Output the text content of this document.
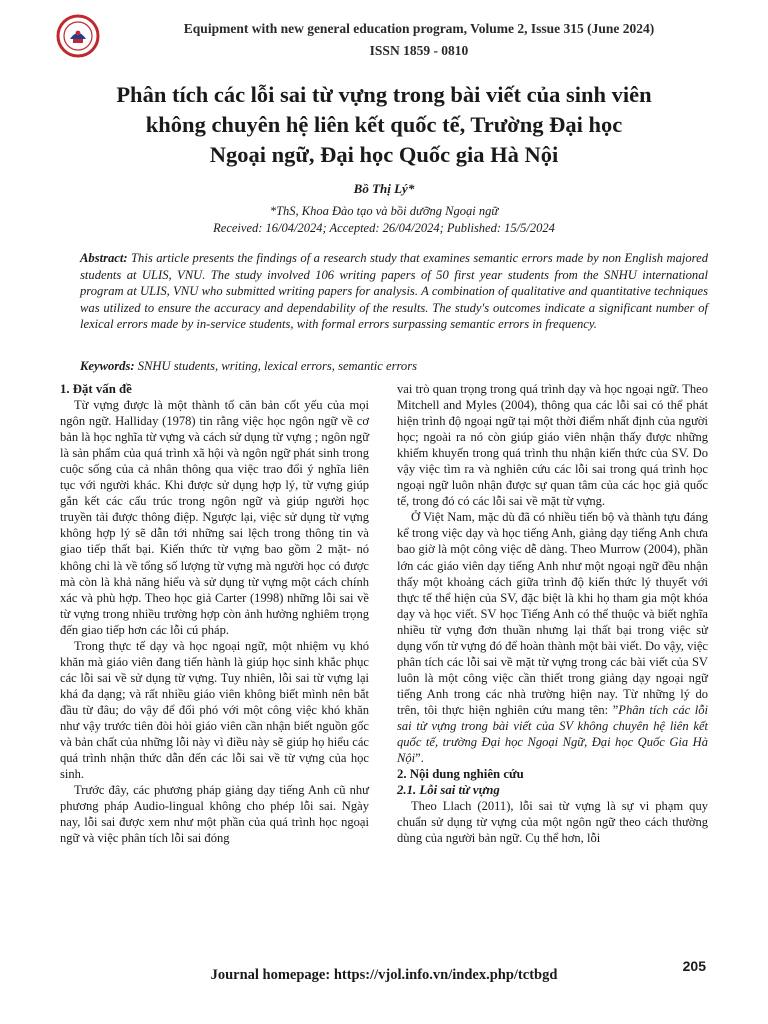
Equipment with new general education program, Volume 2, Issue 315 (June 2024)
ISSN 1859 - 0810
Phân tích các lỗi sai từ vựng trong bài viết của sinh viên
không chuyên hệ liên kết quốc tế, Trường Đại học
Ngoại ngữ, Đại học Quốc gia Hà Nội
Bồ Thị Lý*
*ThS, Khoa Đào tạo và bồi dưỡng Ngoại ngữ
Received: 16/04/2024; Accepted: 26/04/2024; Published: 15/5/2024
Abstract: This article presents the findings of a research study that examines semantic errors made by non English majored students at ULIS, VNU. The study involved 106 writing papers of 50 first year students from the SNHU international program at ULIS, VNU who submitted writing papers for analysis. A combination of qualitative and quantitative techniques was utilized to ensure the accuracy and dependability of the results. The study's outcomes indicate a significant number of lexical errors made by in-service students, with formal errors surpassing semantic errors in frequency.
Keywords: SNHU students, writing, lexical errors, semantic errors
1. Đặt vấn đề

Từ vựng được là một thành tố căn bản cốt yếu của mọi ngôn ngữ. Halliday (1978) tin rằng việc học ngôn ngữ về cơ bản là học nghĩa từ vựng và cách sử dụng từ vựng ; ngôn ngữ là sản phẩm của quá trình xã hội và ngôn ngữ phát sinh trong cuộc sống của cả nhân thông qua việc trao đổi ý nghĩa liên tục với người khác. Khi được sử dụng hợp lý, từ vựng giúp gắn kết các cấu trúc trong ngôn ngữ và giúp người học truyền tải được thông điệp. Ngược lại, việc sử dụng từ vựng không hợp lý sẽ dẫn tới những sai lệch trong thông tin và giao tiếp thất bại. Kiến thức từ vựng bao gồm 2 mặt- nó không chỉ là về tổng số lượng từ vựng mà người học có được mà còn là khả năng hiểu và sử dụng từ vựng một cách chính xác và phù hợp. Theo học giả Carter (1998) những lỗi sai về từ vựng trong nhiều trường hợp còn ảnh hưởng nghiêm trọng đến giao tiếp hơn các lỗi cú pháp.

Trong thực tế dạy và học ngoại ngữ, một nhiệm vụ khó khăn mà giáo viên đang tiến hành là giúp học sinh khắc phục các lỗi sai về sử dụng từ vựng. Tuy nhiên, lỗi sai từ vựng lại khá đa dạng; và rất nhiều giáo viên không biết mình nên bắt đầu từ đâu; do vậy để đối phó với một công việc khó khăn như vậy trước tiên đòi hỏi giáo viên cần nhận biết nguồn gốc và bản chất của những lỗi này vì điều này sẽ giúp họ hiểu các quá trình nhận thức dẫn đến các lỗi sai về từ vựng của học sinh.

Trước đây, các phương pháp giảng dạy tiếng Anh cũ như phương pháp Audio-lingual không cho phép lỗi sai. Ngày nay, lỗi sai được xem như một phần của quá trình học ngoại ngữ và việc phân tích lỗi sai đóng

vai trò quan trọng trong quá trình dạy và học ngoại ngữ. Theo Mitchell and Myles (2004), thông qua các lỗi sai có thể phát hiện trình độ ngoại ngữ tại một thời điểm nhất định của người học; ngoài ra nó còn giúp giáo viên nhận thấy được những khiếm khuyến trong quá trình thu nhận kiến thức của SV. Do vậy việc tìm ra và nghiên cứu các lỗi sai trong quá trình học ngoại ngữ luôn nhận được sự quan tâm của các học giả quốc tế, trong đó có các lỗi sai về mặt từ vựng.

Ở Việt Nam, mặc dù đã có nhiều tiến bộ và thành tựu đáng kể trong việc dạy và học tiếng Anh, giảng dạy tiếng Anh chưa bao giờ là một công việc dễ dàng. Theo Murrow (2004), phần lớn các giáo viên dạy tiếng Anh như một ngoại ngữ đều nhận thấy một khoảng cách giữa trình độ kiến thức lý thuyết với thực tế thể hiện của SV, đặc biệt là khi họ tham gia một khóa dạy và học viết. SV học Tiếng Anh có thể thuộc và biết nghĩa nhiều từ vựng đơn thuần nhưng lại thất bại trong việc sử dụng vốn từ vựng đó để hoàn thành một bài viết. Do vậy, việc phân tích các lỗi sai về mặt từ vựng trong các bài viết của SV luôn là một công việc cần thiết trong giảng dạy ngoại ngữ tiếng Anh trong các nhà trường hiện nay. Từ những lý do trên, tôi thực hiện nghiên cứu mang tên: ”Phân tích các lỗi sai từ vựng trong bài viết của SV không chuyên hệ liên kết quốc tế, trường Đại học Ngoại Ngữ, Đại học Quốc Gia Hà Nội”.

2. Nội dung nghiên cứu
2.1. Lỗi sai từ vựng

Theo Llach (2011), lỗi sai từ vựng là sự vi phạm quy chuẩn sử dụng từ vựng của một ngôn ngữ theo cách thường dùng của người bản ngữ. Cụ thể hơn, lỗi

Journal homepage: https://vjol.info.vn/index.php/tctbgd
205
